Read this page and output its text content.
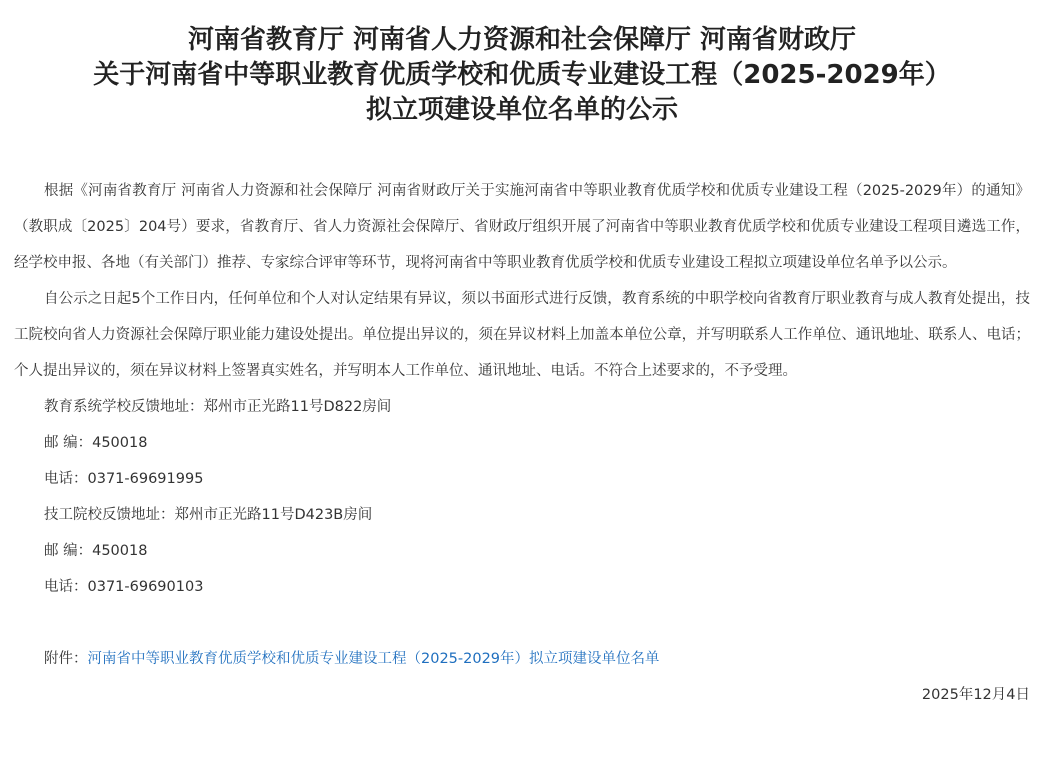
河南省教育厅 河南省人力资源和社会保障厅 河南省财政厅
关于河南省中等职业教育优质学校和优质专业建设工程（2025-2029年）
拟立项建设单位名单的公示

根据《河南省教育厅 河南省人力资源和社会保障厅 河南省财政厅关于实施河南省中等职业教育优质学校和优质专业建设工程（2025-2029年）的通知》（教职成〔2025〕204号）要求，省教育厅、省人力资源社会保障厅、省财政厅组织开展了河南省中等职业教育优质学校和优质专业建设工程项目遴选工作，经学校申报、各地（有关部门）推荐、专家综合评审等环节，现将河南省中等职业教育优质学校和优质专业建设工程拟立项建设单位名单予以公示。

自公示之日起5个工作日内，任何单位和个人对认定结果有异议，须以书面形式进行反馈，教育系统的中职学校向省教育厅职业教育与成人教育处提出，技工院校向省人力资源社会保障厅职业能力建设处提出。单位提出异议的，须在异议材料上加盖本单位公章，并写明联系人工作单位、通讯地址、联系人、电话；个人提出异议的，须在异议材料上签署真实姓名，并写明本人工作单位、通讯地址、电话。不符合上述要求的，不予受理。

教育系统学校反馈地址：郑州市正光路11号D822房间

邮 编：450018

电话：0371-69691995

技工院校反馈地址：郑州市正光路11号D423B房间

邮 编：450018

电话：0371-69690103

附件：河南省中等职业教育优质学校和优质专业建设工程（2025-2029年）拟立项建设单位名单

2025年12月4日
